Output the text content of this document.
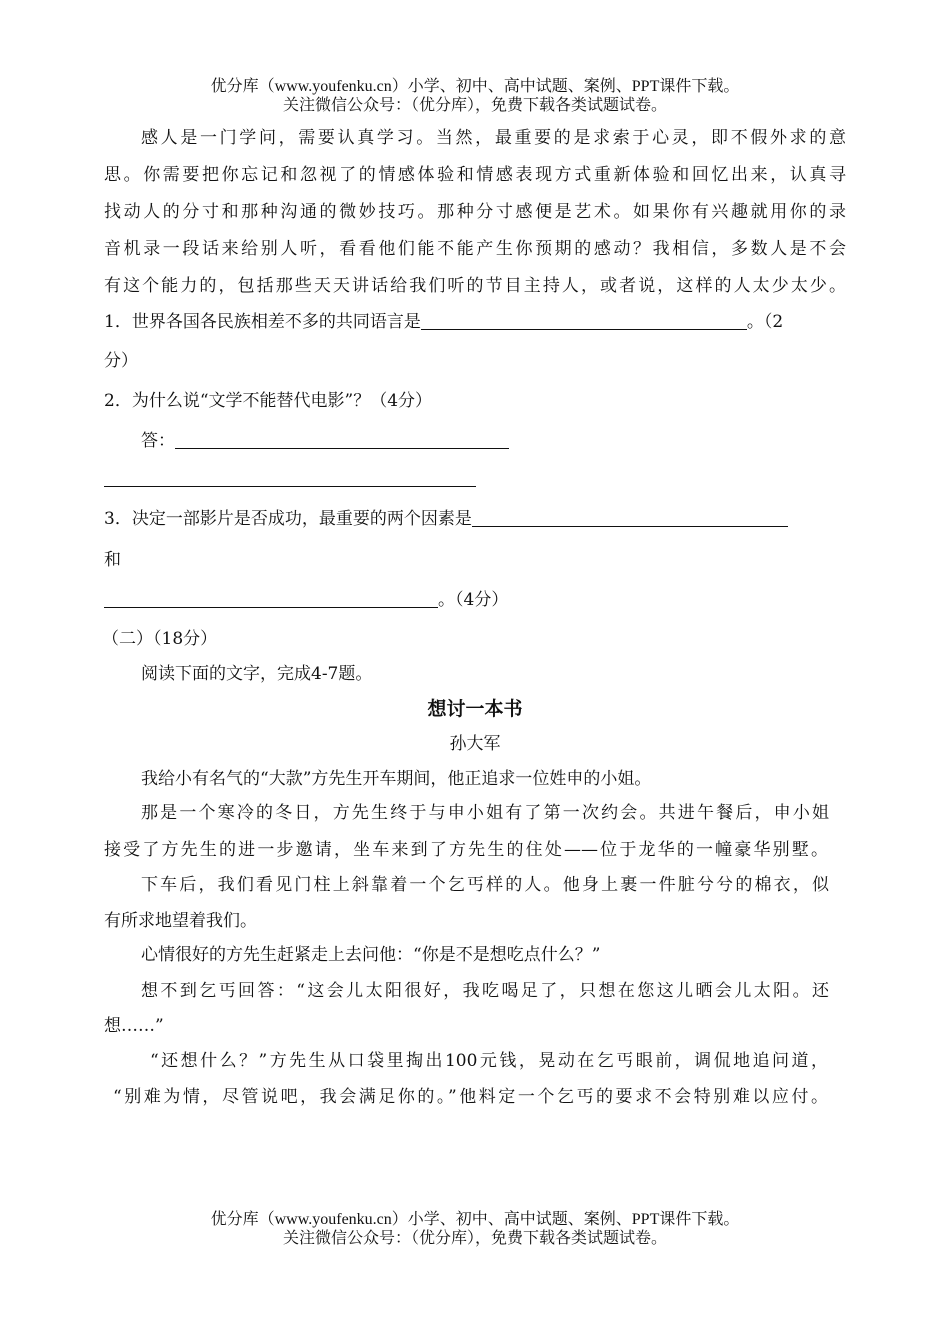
优分库（www.youfenku.cn）小学、初中、高中试题、案例、PPT课件下载。
关注微信公众号：（优分库），免费下载各类试题试卷。
感人是一门学问，需要认真学习。当然，最重要的是求索于心灵，即不假外求的意
思。你需要把你忘记和忽视了的情感体验和情感表现方式重新体验和回忆出来，认真寻
找动人的分寸和那种沟通的微妙技巧。那种分寸感便是艺术。如果你有兴趣就用你的录
音机录一段话来给别人听，看看他们能不能产生你预期的感动？我相信，多数人是不会
有这个能力的，包括那些天天讲话给我们听的节目主持人，或者说，这样的人太少太少。
1．世界各国各民族相差不多的共同语言是	。（2
分）
2．为什么说“文学不能替代电影”？（4分）
答：
3．决定一部影片是否成功，最重要的两个因素是
和
。（4分）
（二）（18分）
阅读下面的文字，完成4-7题。
想讨一本书
孙大军
我给小有名气的“大款”方先生开车期间，他正追求一位姓申的小姐。
那是一个寒冷的冬日，方先生终于与申小姐有了第一次约会。共进午餐后，申小姐
接受了方先生的进一步邀请，坐车来到了方先生的住处——位于龙华的一幢豪华别墅。
下车后，我们看见门柱上斜靠着一个乞丐样的人。他身上裹一件脏兮兮的棉衣，似
有所求地望着我们。
心情很好的方先生赶紧走上去问他：“你是不是想吃点什么？”
想不到乞丐回答：“这会儿太阳很好，我吃喝足了，只想在您这儿晒会儿太阳。还
想……”
“还想什么？”方先生从口袋里掏出100元钱，晃动在乞丐眼前，调侃地追问道，
“别难为情，尽管说吧，我会满足你的。”他料定一个乞丐的要求不会特别难以应付。
优分库（www.youfenku.cn）小学、初中、高中试题、案例、PPT课件下载。
关注微信公众号：（优分库），免费下载各类试题试卷。
